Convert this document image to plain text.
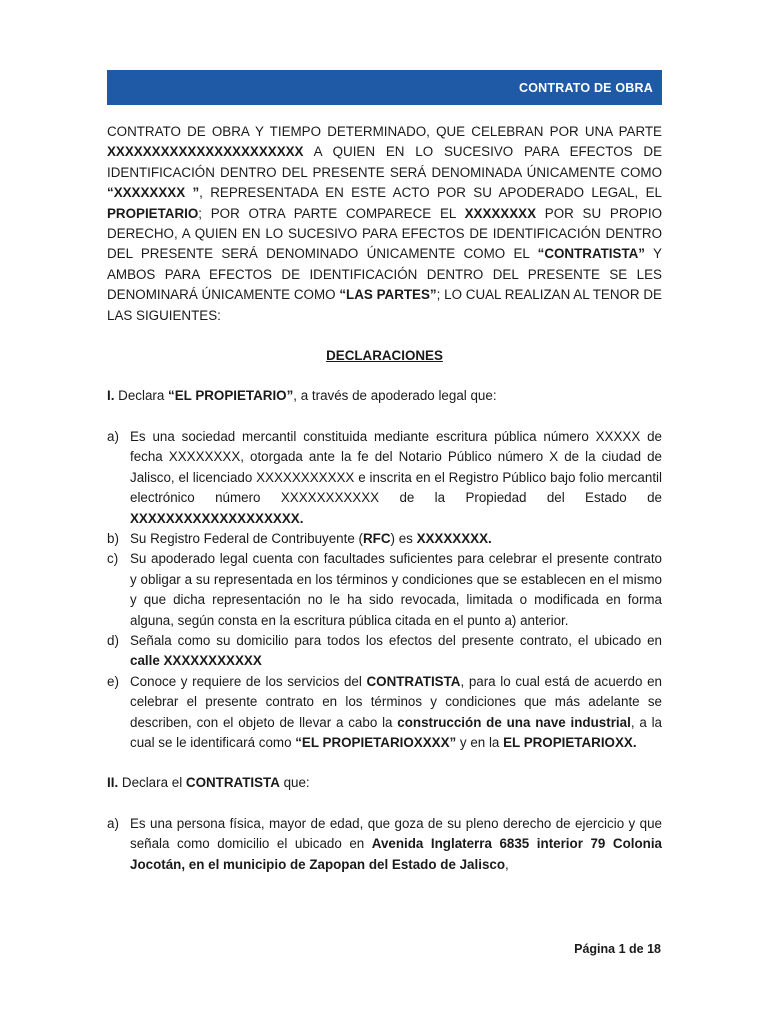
CONTRATO DE OBRA

CONTRATO DE OBRA Y TIEMPO DETERMINADO, QUE CELEBRAN POR UNA PARTE XXXXXXXXXXXXXXXXXXXXXX A QUIEN EN LO SUCESIVO PARA EFECTOS DE IDENTIFICACIÓN DENTRO DEL PRESENTE SERÁ DENOMINADA ÚNICAMENTE COMO “XXXXXXXX ”, REPRESENTADA EN ESTE ACTO POR SU APODERADO LEGAL, EL PROPIETARIO; POR OTRA PARTE COMPARECE EL XXXXXXXX POR SU PROPIO DERECHO, A QUIEN EN LO SUCESIVO PARA EFECTOS DE IDENTIFICACIÓN DENTRO DEL PRESENTE SERÁ DENOMINADO ÚNICAMENTE COMO EL “CONTRATISTA” Y AMBOS PARA EFECTOS DE IDENTIFICACIÓN DENTRO DEL PRESENTE SE LES DENOMINARÁ ÚNICAMENTE COMO “LAS PARTES”; LO CUAL REALIZAN AL TENOR DE LAS SIGUIENTES:

DECLARACIONES

I. Declara “EL PROPIETARIO”, a través de apoderado legal que:

a) Es una sociedad mercantil constituida mediante escritura pública número XXXXX de fecha XXXXXXXX, otorgada ante la fe del Notario Público número X de la ciudad de Jalisco, el licenciado XXXXXXXXXXX e inscrita en el Registro Público bajo folio mercantil electrónico número XXXXXXXXXXX de la Propiedad del Estado de XXXXXXXXXXXXXXXXXXX.
b) Su Registro Federal de Contribuyente (RFC) es XXXXXXXX.
c) Su apoderado legal cuenta con facultades suficientes para celebrar el presente contrato y obligar a su representada en los términos y condiciones que se establecen en el mismo y que dicha representación no le ha sido revocada, limitada o modificada en forma alguna, según consta en la escritura pública citada en el punto a) anterior.
d) Señala como su domicilio para todos los efectos del presente contrato, el ubicado en calle XXXXXXXXXXX
e) Conoce y requiere de los servicios del CONTRATISTA, para lo cual está de acuerdo en celebrar el presente contrato en los términos y condiciones que más adelante se describen, con el objeto de llevar a cabo la construcción de una nave industrial, a la cual se le identificará como “EL PROPIETARIOXXXX” y en la EL PROPIETARIOXX.

II. Declara el CONTRATISTA que:

a) Es una persona física, mayor de edad, que goza de su pleno derecho de ejercicio y que señala como domicilio el ubicado en Avenida Inglaterra 6835 interior 79 Colonia Jocotán, en el municipio de Zapopan del Estado de Jalisco,
Página 1 de 18
